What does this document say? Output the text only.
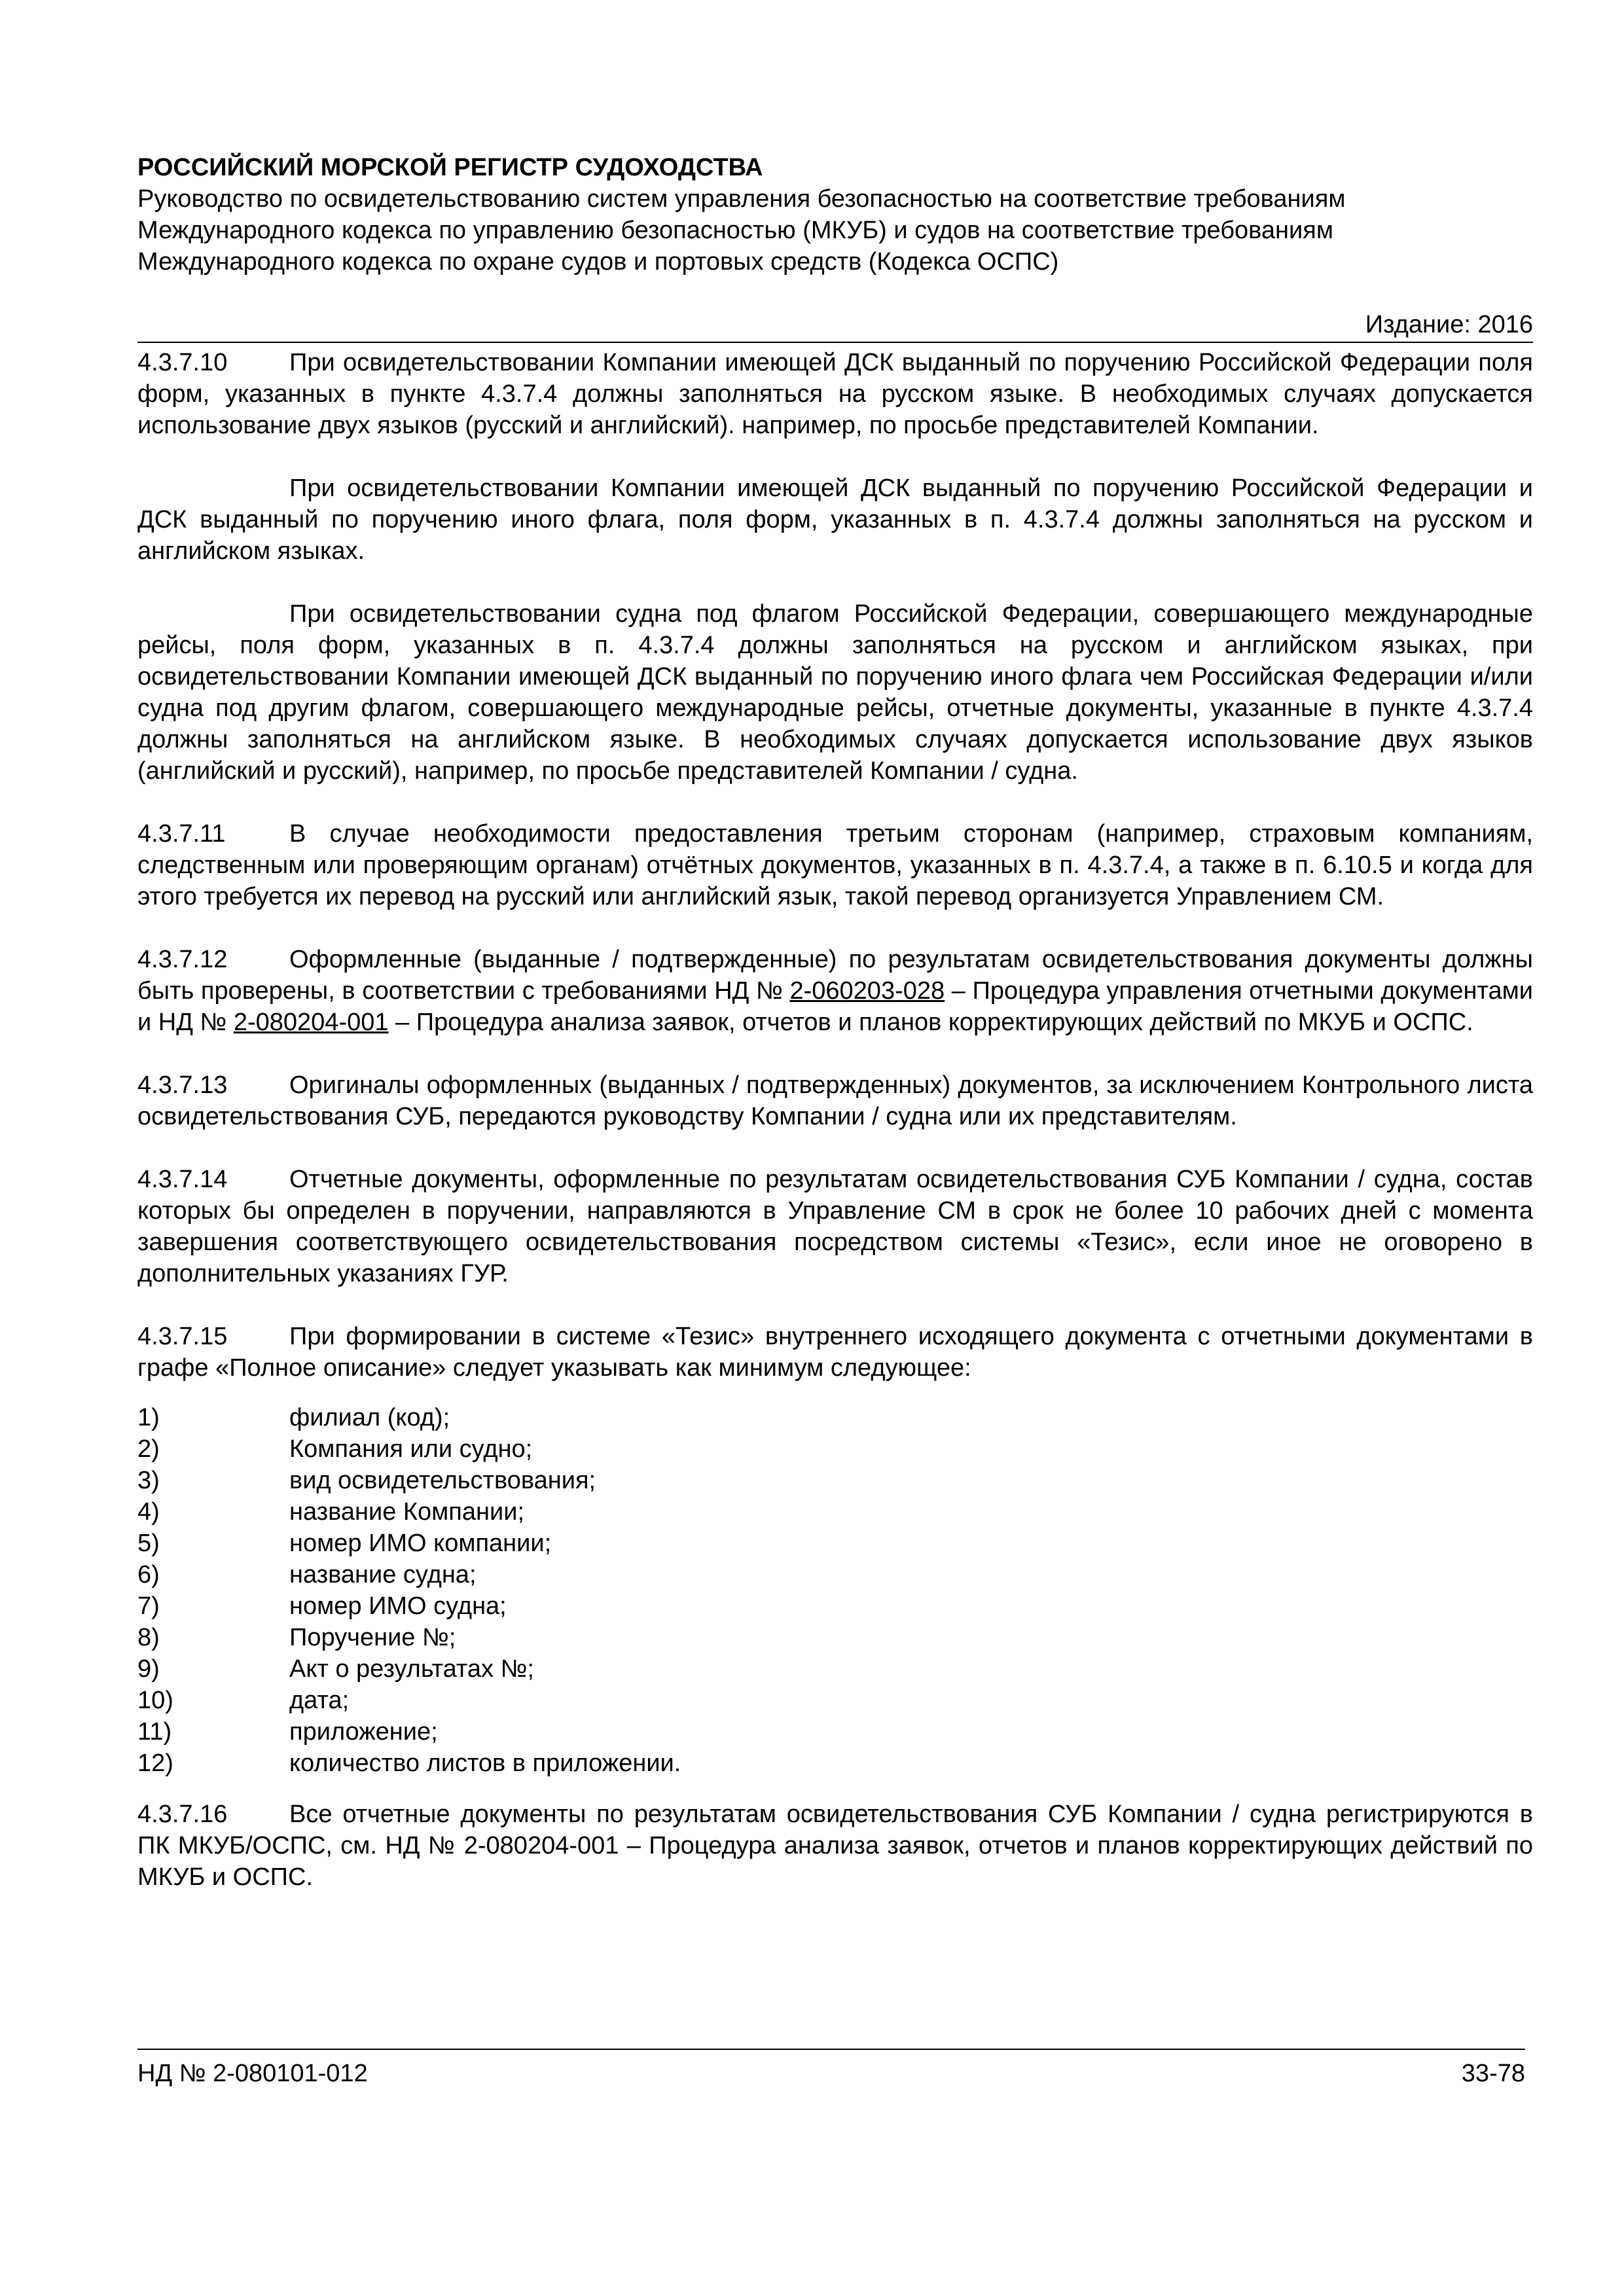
РОССИЙСКИЙ МОРСКОЙ РЕГИСТР СУДОХОДСТВА

Руководство по освидетельствованию систем управления безопасностью на соответствие требованиям Международного кодекса по управлению безопасностью (МКУБ) и судов на соответствие требованиям Международного кодекса по охране судов и портовых средств (Кодекса ОСПС)

Издание: 2016

4.3.7.10 При освидетельствовании Компании имеющей ДСК выданный по поручению Российской Федерации поля форм, указанных в пункте 4.3.7.4 должны заполняться на русском языке. В необходимых случаях допускается использование двух языков (русский и английский). например, по просьбе представителей Компании.

При освидетельствовании Компании имеющей ДСК выданный по поручению Российской Федерации и ДСК выданный по поручению иного флага, поля форм, указанных в п. 4.3.7.4 должны заполняться на русском и английском языках.

При освидетельствовании судна под флагом Российской Федерации, совершающего международные рейсы, поля форм, указанных в п. 4.3.7.4 должны заполняться на русском и английском языках, при освидетельствовании Компании имеющей ДСК выданный по поручению иного флага чем Российская Федерации и/или судна под другим флагом, совершающего международные рейсы, отчетные документы, указанные в пункте 4.3.7.4 должны заполняться на английском языке. В необходимых случаях допускается использование двух языков (английский и русский), например, по просьбе представителей Компании / судна.

4.3.7.11	В случае необходимости предоставления третьим сторонам (например, страховым компаниям, следственным или проверяющим органам) отчётных документов, указанных в п. 4.3.7.4, а также в п. 6.10.5 и когда для этого требуется их перевод на русский или английский язык, такой перевод организуется Управлением СМ.

4.3.7.12 Оформленные (выданные / подтвержденные) по результатам освидетельствования документы должны быть проверены, в соответствии с требованиями НД № 2-060203-028 – Процедура управления отчетными документами и НД № 2-080204-001 – Процедура анализа заявок, отчетов и планов корректирующих действий по МКУБ и ОСПС.

4.3.7.13 Оригиналы оформленных (выданных / подтвержденных) документов, за исключением Контрольного листа освидетельствования СУБ, передаются руководству Компании / судна или их представителям.

4.3.7.14 Отчетные документы, оформленные по результатам освидетельствования СУБ Компании / судна, состав которых бы определен в поручении, направляются в Управление СМ в срок не более 10 рабочих дней с момента завершения соответствующего освидетельствования посредством системы «Тезис», если иное не оговорено в дополнительных указаниях ГУР.

4.3.7.15 При формировании в системе «Тезис» внутреннего исходящего документа с отчетными документами в графе «Полное описание» следует указывать как минимум следующее:

1)	филиал (код);
2)	Компания или судно;
3)	вид освидетельствования;
4)	название Компании;
5)	номер ИМО компании;
6)	название судна;
7)	номер ИМО судна;
8)	Поручение №;
9)	Акт о результатах №;
10)	дата;
11)	приложение;
12)	количество листов в приложении.

4.3.7.16 Все отчетные документы по результатам освидетельствования СУБ Компании / судна регистрируются в ПК МКУБ/ОСПС, см. НД № 2-080204-001 – Процедура анализа заявок, отчетов и планов корректирующих действий по МКУБ и ОСПС.

НД № 2-080101-012	33-78
